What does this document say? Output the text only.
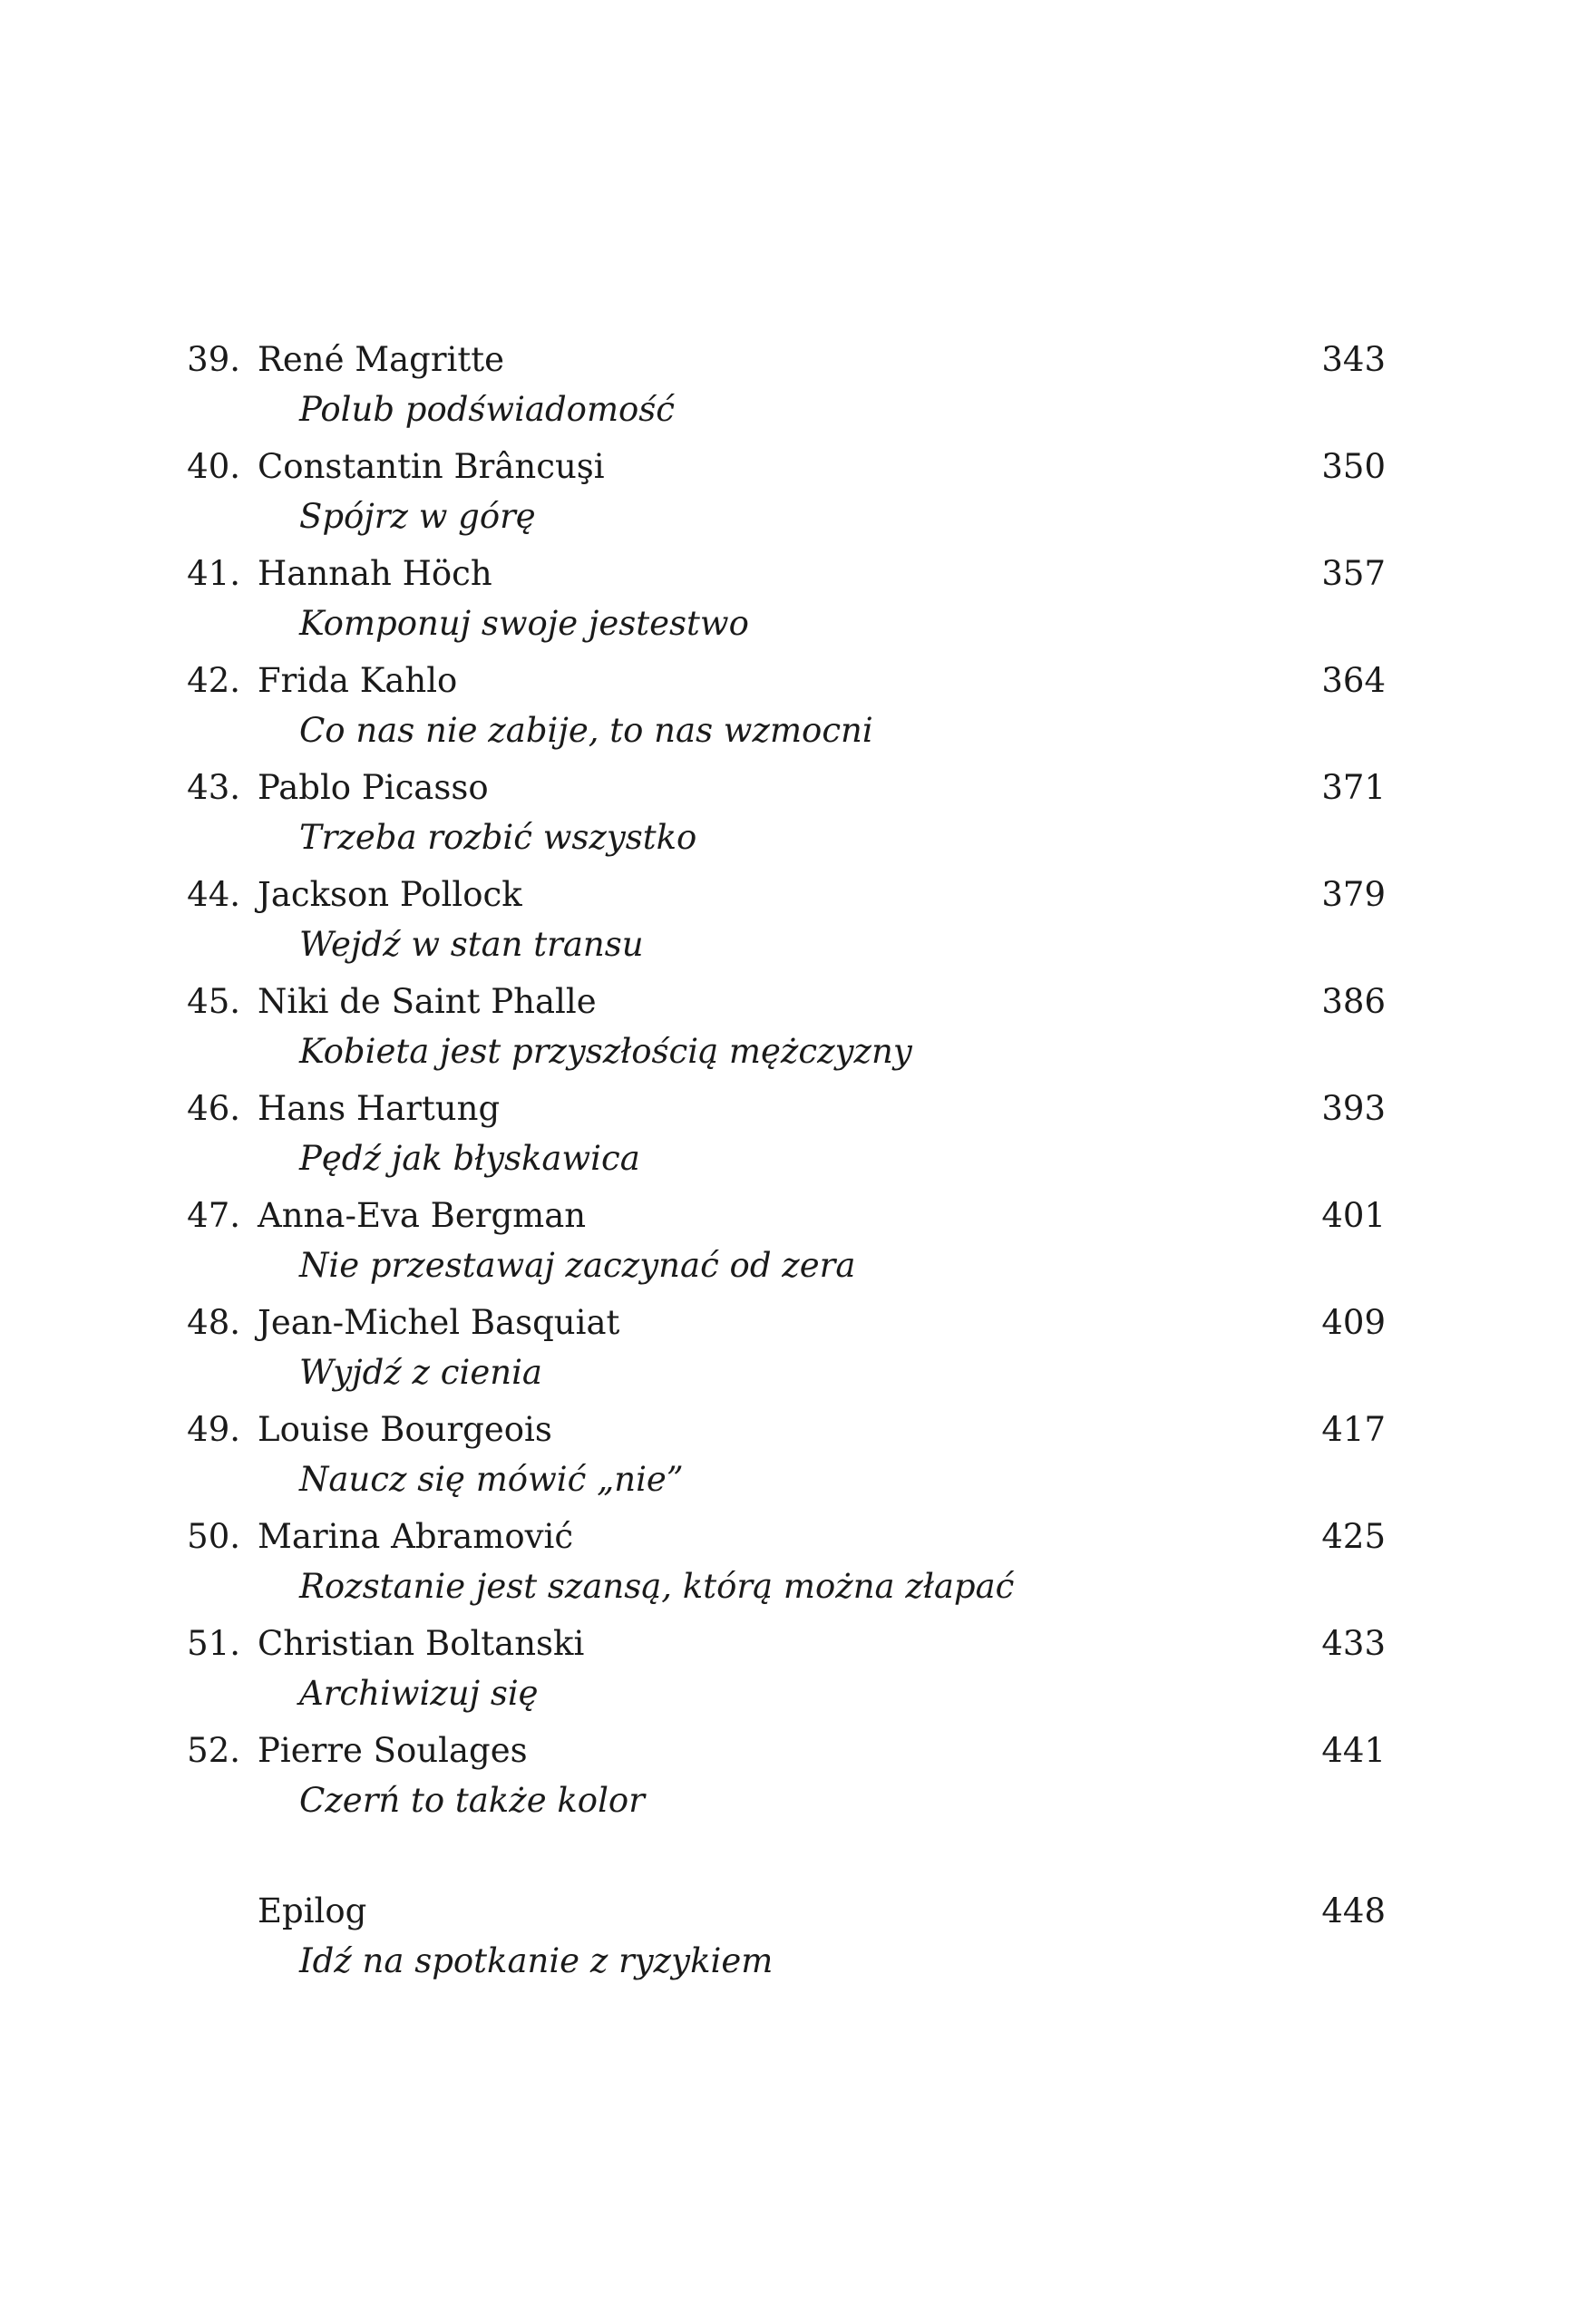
39. René Magritte	343
Polub podświadomość
40. Constantin Brâncuşi	350
Spójrz w górę
41. Hannah Höch	357
Komponuj swoje jestestwo
42. Frida Kahlo	364
Co nas nie zabije, to nas wzmocni
43. Pablo Picasso	371
Trzeba rozbić wszystko
44. Jackson Pollock	379
Wejdź w stan transu
45. Niki de Saint Phalle	386
Kobieta jest przyszłością mężczyzny
46. Hans Hartung	393
Pędź jak błyskawica
47. Anna-Eva Bergman	401
Nie przestawaj zaczynać od zera
48. Jean-Michel Basquiat	409
Wyjdź z cienia
49. Louise Bourgeois	417
Naucz się mówić „nie”
50. Marina Abramović	425
Rozstanie jest szansą, którą można złapać
51. Christian Boltanski	433
Archiwizuj się
52. Pierre Soulages	441
Czerń to także kolor
Epilog	448
Idź na spotkanie z ryzykiem
